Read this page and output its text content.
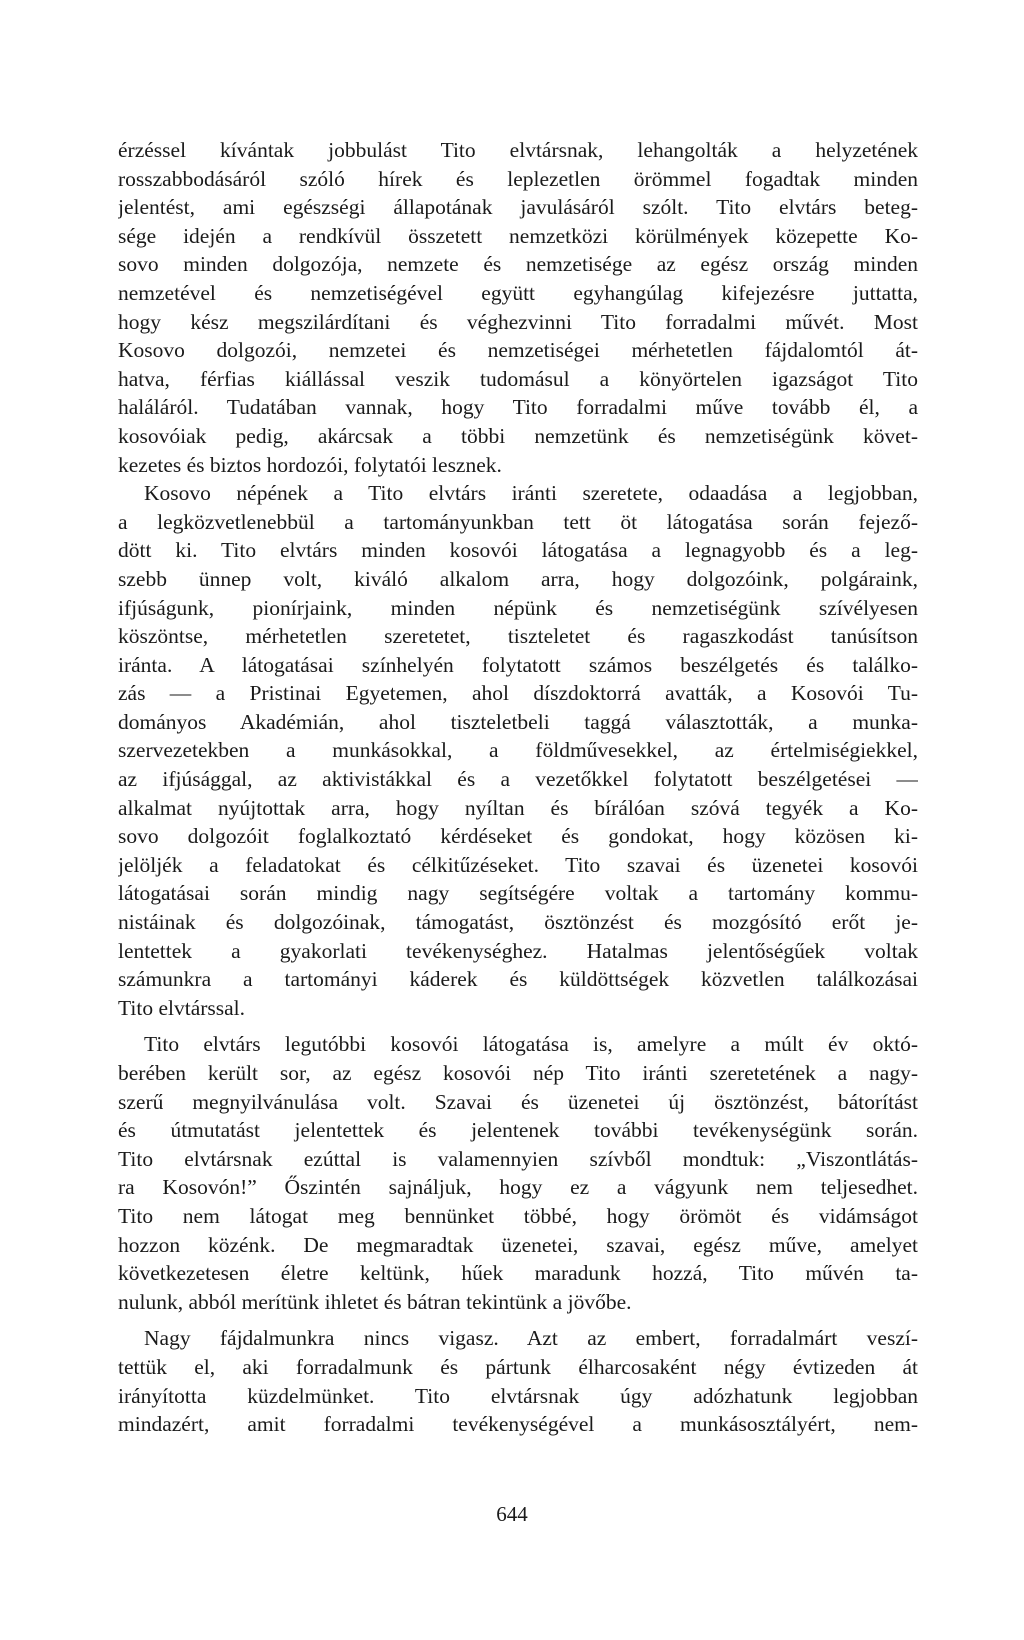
érzéssel kívántak jobbulást Tito elvtársnak, lehangolták a helyzetének
rosszabbodásáról szóló hírek és leplezetlen örömmel fogadtak minden
jelentést, ami egészségi állapotának javulásáról szólt. Tito elvtárs beteg-
sége idején a rendkívül összetett nemzetközi körülmények közepette Ko-
sovo minden dolgozója, nemzete és nemzetisége az egész ország minden
nemzetével és nemzetiségével együtt egyhangúlag kifejezésre juttatta,
hogy kész megszilárdítani és véghezvinni Tito forradalmi művét. Most
Kosovo dolgozói, nemzetei és nemzetiségei mérhetetlen fájdalomtól át-
hatva, férfias kiállással veszik tudomásul a könyörtelen igazságot Tito
haláláról. Tudatában vannak, hogy Tito forradalmi műve tovább él, a
kosovóiak pedig, akárcsak a többi nemzetünk és nemzetiségünk követ-
kezetes és biztos hordozói, folytatói lesznek.
Kosovo népének a Tito elvtárs iránti szeretete, odaadása a legjobban,
a legközvetlenebbül a tartományunkban tett öt látogatása során fejező-
dött ki. Tito elvtárs minden kosovói látogatása a legnagyobb és a leg-
szebb ünnep volt, kiváló alkalom arra, hogy dolgozóink, polgáraink,
ifjúságunk, pionírjaink, minden népünk és nemzetiségünk szívélyesen
köszöntse, mérhetetlen szeretetet, tiszteletet és ragaszkodást tanúsítson
iránta. A látogatásai színhelyén folytatott számos beszélgetés és találko-
zás — a Pristinai Egyetemen, ahol díszdoktorrá avatták, a Kosovói Tu-
dományos Akadémián, ahol tiszteletbeli taggá választották, a munka-
szervezetekben a munkásokkal, a földművesekkel, az értelmiségiekkel,
az ifjúsággal, az aktivistákkal és a vezetőkkel folytatott beszélgetései —
alkalmat nyújtottak arra, hogy nyíltan és bírálóan szóvá tegyék a Ko-
sovo dolgozóit foglalkoztató kérdéseket és gondokat, hogy közösen ki-
jelöljék a feladatokat és célkitűzéseket. Tito szavai és üzenetei kosovói
látogatásai során mindig nagy segítségére voltak a tartomány kommu-
nistáinak és dolgozóinak, támogatást, ösztönzést és mozgósító erőt je-
lentettek a gyakorlati tevékenységhez. Hatalmas jelentőségűek voltak
számunkra a tartományi káderek és küldöttségek közvetlen találkozásai
Tito elvtárssal.
Tito elvtárs legutóbbi kosovói látogatása is, amelyre a múlt év októ-
berében került sor, az egész kosovói nép Tito iránti szeretetének a nagy-
szerű megnyilvánulása volt. Szavai és üzenetei új ösztönzést, bátorítást
és útmutatást jelentettek és jelentenek további tevékenységünk során.
Tito elvtársnak ezúttal is valamennyien szívből mondtuk: „Viszontlátás-
ra Kosovón!” Őszintén sajnáljuk, hogy ez a vágyunk nem teljesedhet.
Tito nem látogat meg bennünket többé, hogy örömöt és vidámságot
hozzon közénk. De megmaradtak üzenetei, szavai, egész műve, amelyet
következetesen életre keltünk, hűek maradunk hozzá, Tito művén ta-
nulunk, abból merítünk ihletet és bátran tekintünk a jövőbe.
Nagy fájdalmunkra nincs vigasz. Azt az embert, forradalmárt veszí-
tettük el, aki forradalmunk és pártunk élharcosaként négy évtizeden át
irányította küzdelmünket. Tito elvtársnak úgy adózhatunk legjobban
mindazért, amit forradalmi tevékenységével a munkásosztályért, nem-
644
